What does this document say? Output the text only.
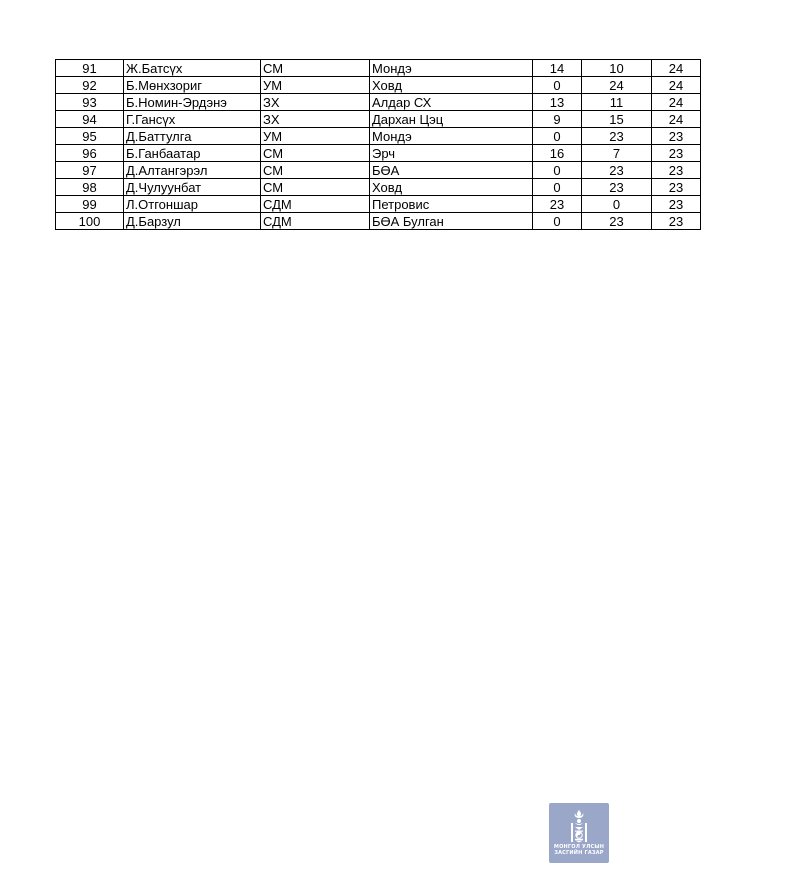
91	Ж.Батсүх	СМ	Мондэ	14	10	24
92	Б.Мөнхзориг	УМ	Ховд	0	24	24
93	Б.Номин-Эрдэнэ	ЗХ	Алдар СХ	13	11	24
94	Г.Гансүх	ЗХ	Дархан Цэц	9	15	24
95	Д.Баттулга	УМ	Мондэ	0	23	23
96	Б.Ганбаатар	СМ	Эрч	16	7	23
97	Д.Алтангэрэл	СМ	БӨА	0	23	23
98	Д.Чулуунбат	СМ	Ховд	0	23	23
99	Л.Отгоншар	СДМ	Петровис	23	0	23
100	Д.Барзул	СДМ	БӨА Булган	0	23	23
МОНГОЛ УЛСЫН
ЗАСГИЙН ГАЗАР
